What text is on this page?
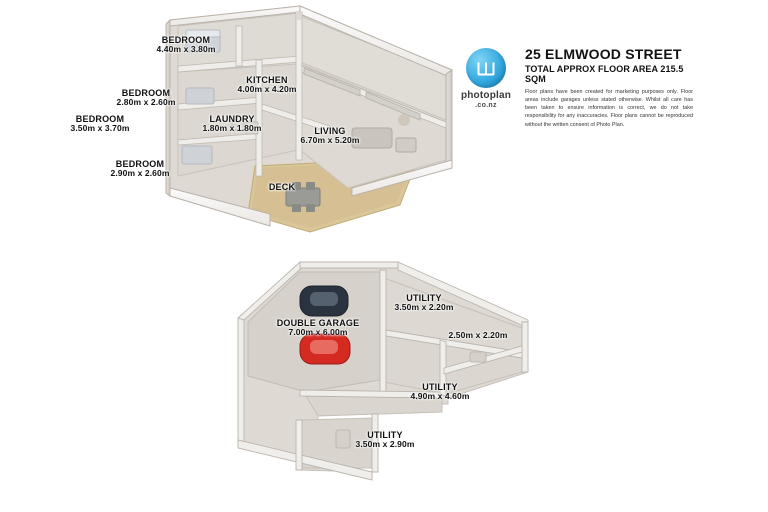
photoplan
.co.nz
25 ELMWOOD STREET
TOTAL APPROX FLOOR AREA 215.5 SQM
Floor plans have been created for marketing purposes only. Floor areas include garages unless stated otherwise. Whilst all care has been taken to ensure information is correct, we do not take responsibility for any inaccuracies. Floor plans cannot be reproduced without the written consent of Photo Plan.
BEDROOM
4.40m x 3.80m
BEDROOM
2.80m x 2.60m
BEDROOM
3.50m x 3.70m
BEDROOM
2.90m x 2.60m
KITCHEN
4.00m x 4.20m
LAUNDRY
1.80m x 1.80m	LIVING
6.70m x 5.20m
DECK
DOUBLE GARAGE
7.00m x 6.00m
UTILITY
3.50m x 2.20m
2.50m x 2.20m
UTILITY
4.90m x 4.60m
UTILITY
3.50m x 2.90m
